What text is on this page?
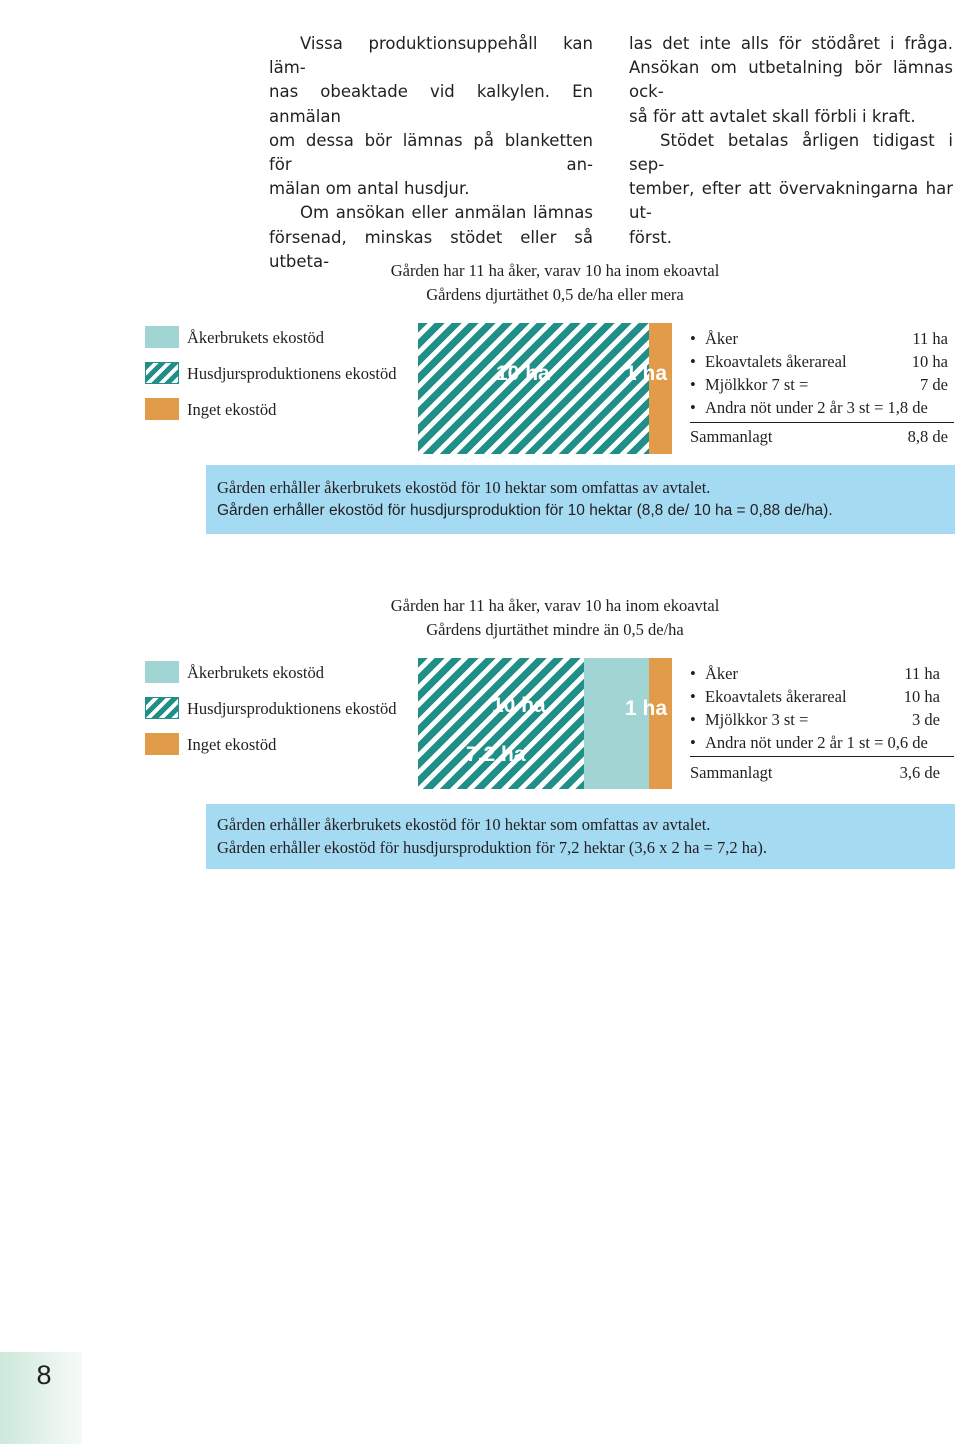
Vissa produktionsuppehåll kan läm-
nas obeaktade vid kalkylen. En anmälan
om dessa bör lämnas på blanketten för an-
mälan om antal husdjur.

Om ansökan eller anmälan lämnas
försenad, minskas stödet eller så utbeta-

las det inte alls för stödåret i fråga.
Ansökan om utbetalning bör lämnas ock-
så för att avtalet skall förbli i kraft.

Stödet betalas årligen tidigast i sep-
tember, efter att övervakningarna har ut-
först.

Gården har 11 ha åker, varav 10 ha inom ekoavtal
Gårdens djurtäthet 0,5 de/ha eller mera
Åkerbrukets ekostöd
Husdjursproduktionens ekostöd
Inget ekostöd
10 ha	1 ha
• Åker	11 ha
• Ekoavtalets åkerareal	10 ha
• Mjölkkor 7 st =	7 de
• Andra nöt under 2 år 3 st = 1,8 de
Sammanlagt	8,8 de
Gården erhåller åkerbrukets ekostöd för 10 hektar som omfattas av avtalet.
Gården erhåller ekostöd för husdjursproduktion för 10 hektar (8,8 de/ 10 ha = 0,88 de/ha).
Gården har 11 ha åker, varav 10 ha inom ekoavtal
Gårdens djurtäthet mindre än 0,5 de/ha
Åkerbrukets ekostöd
Husdjursproduktionens ekostöd
Inget ekostöd
10 ha
7,2 ha
1 ha
• Åker	11 ha
• Ekoavtalets åkerareal	10 ha
• Mjölkkor 3 st =	3 de
• Andra nöt under 2 år 1 st = 0,6 de
Sammanlagt	3,6 de
Gården erhåller åkerbrukets ekostöd för 10 hektar som omfattas av avtalet.
Gården erhåller ekostöd för husdjursproduktion för 7,2 hektar (3,6 x 2 ha = 7,2 ha).
8
